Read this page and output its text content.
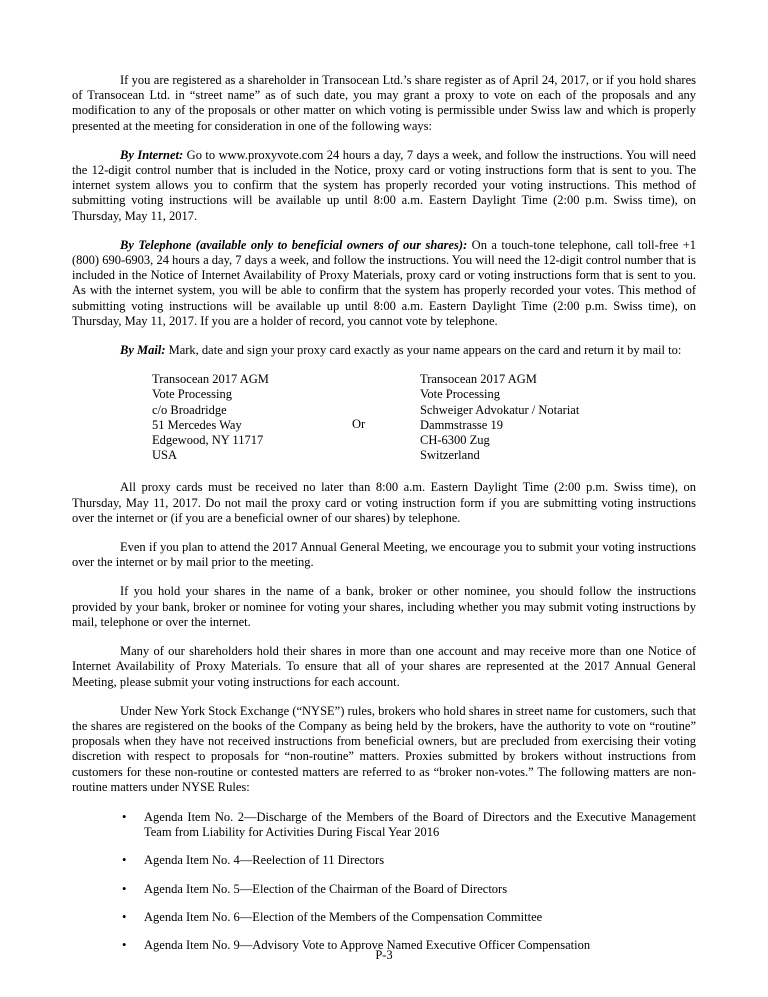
If you are registered as a shareholder in Transocean Ltd.’s share register as of April 24, 2017, or if you hold shares of Transocean Ltd. in “street name” as of such date, you may grant a proxy to vote on each of the proposals and any modification to any of the proposals or other matter on which voting is permissible under Swiss law and which is properly presented at the meeting for consideration in one of the following ways:

By Internet: Go to www.proxyvote.com 24 hours a day, 7 days a week, and follow the instructions. You will need the 12-digit control number that is included in the Notice, proxy card or voting instructions form that is sent to you. The internet system allows you to confirm that the system has properly recorded your voting instructions. This method of submitting voting instructions will be available up until 8:00 a.m. Eastern Daylight Time (2:00 p.m. Swiss time), on Thursday, May 11, 2017.

By Telephone (available only to beneficial owners of our shares): On a touch-tone telephone, call toll-free +1 (800) 690-6903, 24 hours a day, 7 days a week, and follow the instructions. You will need the 12-digit control number that is included in the Notice of Internet Availability of Proxy Materials, proxy card or voting instructions form that is sent to you. As with the internet system, you will be able to confirm that the system has properly recorded your votes. This method of submitting voting instructions will be available up until 8:00 a.m. Eastern Daylight Time (2:00 p.m. Swiss time), on Thursday, May 11, 2017. If you are a holder of record, you cannot vote by telephone.

By Mail: Mark, date and sign your proxy card exactly as your name appears on the card and return it by mail to:

Transocean 2017 AGM
Vote Processing
c/o Broadridge
51 Mercedes Way
Edgewood, NY 11717
USA
Or
Transocean 2017 AGM
Vote Processing
Schweiger Advokatur / Notariat
Dammstrasse 19
CH-6300 Zug
Switzerland

All proxy cards must be received no later than 8:00 a.m. Eastern Daylight Time (2:00 p.m. Swiss time), on Thursday, May 11, 2017. Do not mail the proxy card or voting instruction form if you are submitting voting instructions over the internet or (if you are a beneficial owner of our shares) by telephone.

Even if you plan to attend the 2017 Annual General Meeting, we encourage you to submit your voting instructions over the internet or by mail prior to the meeting.

If you hold your shares in the name of a bank, broker or other nominee, you should follow the instructions provided by your bank, broker or nominee for voting your shares, including whether you may submit voting instructions by mail, telephone or over the internet.

Many of our shareholders hold their shares in more than one account and may receive more than one Notice of Internet Availability of Proxy Materials. To ensure that all of your shares are represented at the 2017 Annual General Meeting, please submit your voting instructions for each account.

Under New York Stock Exchange (“NYSE”) rules, brokers who hold shares in street name for customers, such that the shares are registered on the books of the Company as being held by the brokers, have the authority to vote on “routine” proposals when they have not received instructions from beneficial owners, but are precluded from exercising their voting discretion with respect to proposals for “non-routine” matters. Proxies submitted by brokers without instructions from customers for these non-routine or contested matters are referred to as “broker non-votes.” The following matters are non-routine matters under NYSE Rules:

•	Agenda Item No. 2—Discharge of the Members of the Board of Directors and the Executive Management Team from Liability for Activities During Fiscal Year 2016
•	Agenda Item No. 4—Reelection of 11 Directors
•	Agenda Item No. 5—Election of the Chairman of the Board of Directors
•	Agenda Item No. 6—Election of the Members of the Compensation Committee
•	Agenda Item No. 9—Advisory Vote to Approve Named Executive Officer Compensation
P-3
